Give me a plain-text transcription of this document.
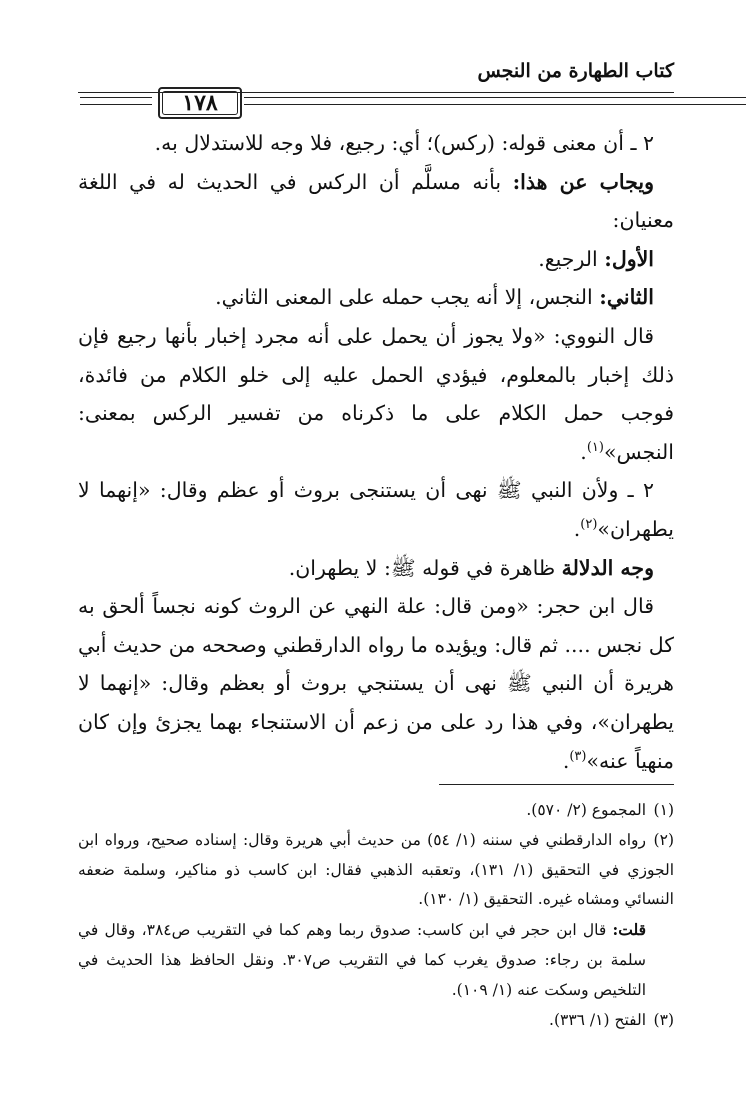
كتاب الطهارة من النجس
١٧٨

٢ ـ أن معنى قوله: (ركس)؛ أي: رجيع، فلا وجه للاستدلال به.

ويجاب عن هذا: بأنه مسلَّم أن الركس في الحديث له في اللغة معنيان:

الأول: الرجيع.

الثاني: النجس، إلا أنه يجب حمله على المعنى الثاني.

قال النووي: «ولا يجوز أن يحمل على أنه مجرد إخبار بأنها رجيع فإن ذلك إخبار بالمعلوم، فيؤدي الحمل عليه إلى خلو الكلام من فائدة، فوجب حمل الكلام على ما ذكرناه من تفسير الركس بمعنى: النجس»$^{(١)}$.

٢ ـ ولأن النبي ﷺ نهى أن يستنجى بروث أو عظم وقال: «إنهما لا يطهران»$^{(٢)}$.

وجه الدلالة ظاهرة في قوله ﷺ: لا يطهران.

قال ابن حجر: «ومن قال: علة النهي عن الروث كونه نجساً ألحق به كل نجس .... ثم قال: ويؤيده ما رواه الدارقطني وصححه من حديث أبي هريرة أن النبي ﷺ نهى أن يستنجي بروث أو بعظم وقال: «إنهما لا يطهران»، وفي هذا رد على من زعم أن الاستنجاء بهما يجزئ وإن كان منهياً عنه»$^{(٣)}$.

(١)المجموع (٢/ ٥٧٠).

(٢)رواه الدارقطني في سننه (١/ ٥٤) من حديث أبي هريرة وقال: إسناده صحيح، ورواه ابن الجوزي في التحقيق (١/ ١٣١)، وتعقبه الذهبي فقال: ابن كاسب ذو مناكير، وسلمة ضعفه النسائي ومشاه غيره. التحقيق (١/ ١٣٠).

قلت: قال ابن حجر في ابن كاسب: صدوق ربما وهم كما في التقريب ص٣٨٤، وقال في سلمة بن رجاء: صدوق يغرب كما في التقريب ص٣٠٧. ونقل الحافظ هذا الحديث في التلخيص وسكت عنه (١/ ١٠٩).

(٣)الفتح (١/ ٣٣٦).
